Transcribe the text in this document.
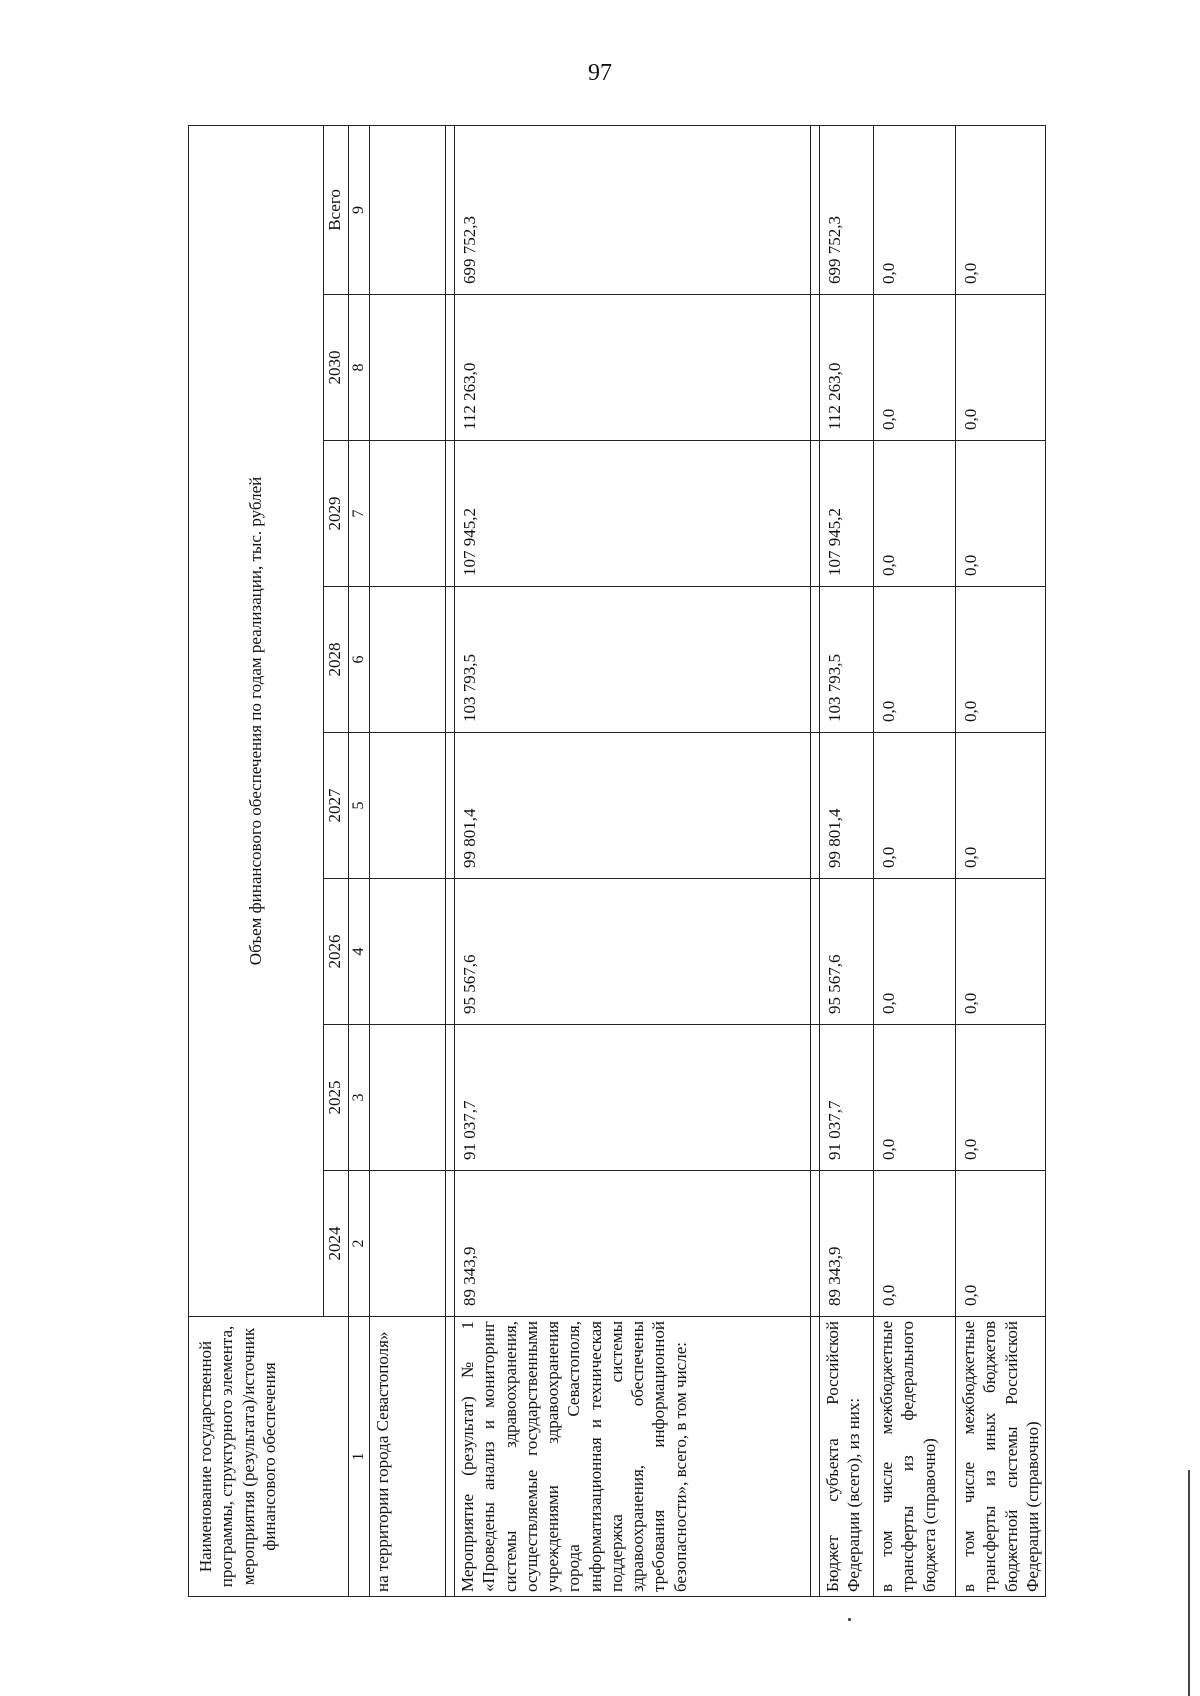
97
Наименование государственной программы, структурного элемента, мероприятия (результата)/источник финансового обеспечения	Объем финансового обеспечения по годам реализации, тыс. рублей							
	2024	2025	2026	2027	2028	2029	2030	Всего
1	2	3	4	5	6	7	8	9
на территории города Севастополя»								

Мероприятие (результат) № 1 «Проведены анализ и мониторинг системы здравоохранения, осуществляемые государственными учреждениями здравоохранения города Севастополя, информатизационная и техническая поддержка системы здравоохранения, обеспечены требования информационной безопасности», всего, в том числе:	89 343,9	91 037,7	95 567,6	99 801,4	103 793,5	107 945,2	112 263,0	699 752,3

Бюджет субъекта Российской Федерации (всего), из них:	89 343,9	91 037,7	95 567,6	99 801,4	103 793,5	107 945,2	112 263,0	699 752,3
в том числе межбюджетные трансферты из федерального бюджета (справочно)	0,0	0,0	0,0	0,0	0,0	0,0	0,0	0,0
в том числе межбюджетные трансферты из иных бюджетов бюджетной системы Российской Федерации (справочно)	0,0	0,0	0,0	0,0	0,0	0,0	0,0	0,0
